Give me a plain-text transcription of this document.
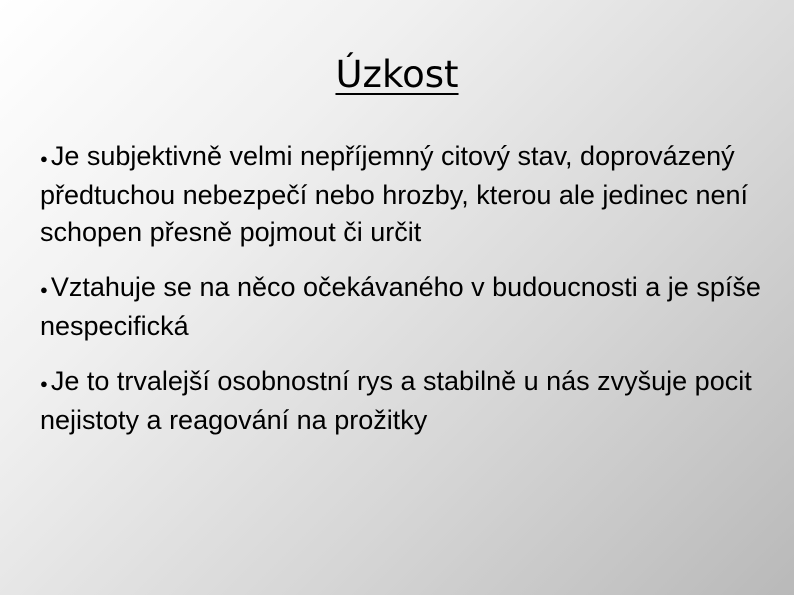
Úzkost
● Je subjektivně velmi nepříjemný citový stav, doprovázený předtuchou nebezpečí nebo hrozby, kterou ale jedinec není schopen přesně pojmout či určit
● Vztahuje se na něco očekávaného v budoucnosti a je spíše nespecifická
● Je to trvalejší osobnostní rys a stabilně u nás zvyšuje pocit nejistoty a reagování na prožitky
